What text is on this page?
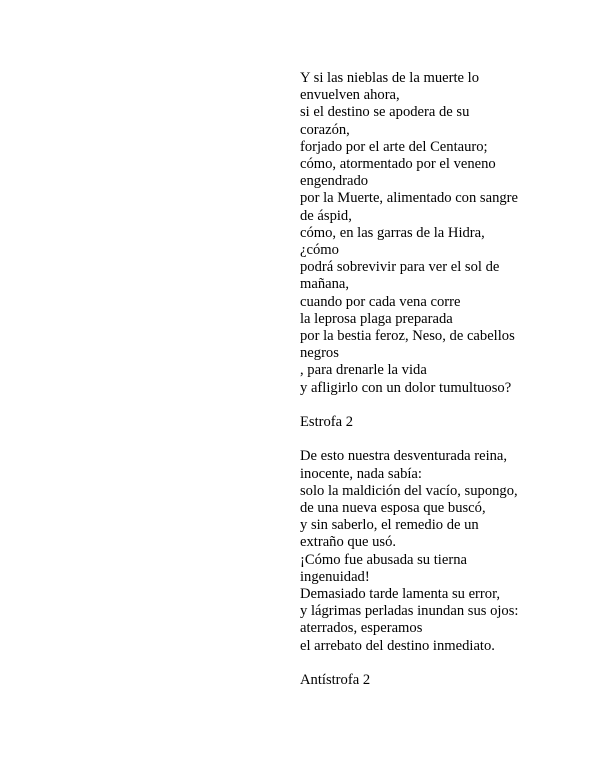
Y si las nieblas de la muerte lo
envuelven ahora,
si el destino se apodera de su
corazón,
forjado por el arte del Centauro;
cómo, atormentado por el veneno
engendrado
por la Muerte, alimentado con sangre
de áspid,
cómo, en las garras de la Hidra,
¿cómo
podrá sobrevivir para ver el sol de
mañana,
cuando por cada vena corre
la leprosa plaga preparada
por la bestia feroz, Neso, de cabellos
negros
, para drenarle la vida
y afligirlo con un dolor tumultuoso?
Estrofa 2
De esto nuestra desventurada reina,
inocente, nada sabía:
solo la maldición del vacío, supongo,
de una nueva esposa que buscó,
y sin saberlo, el remedio de un
extraño que usó.
¡Cómo fue abusada su tierna
ingenuidad!
Demasiado tarde lamenta su error,
y lágrimas perladas inundan sus ojos:
aterrados, esperamos
el arrebato del destino inmediato.
Antístrofa 2
